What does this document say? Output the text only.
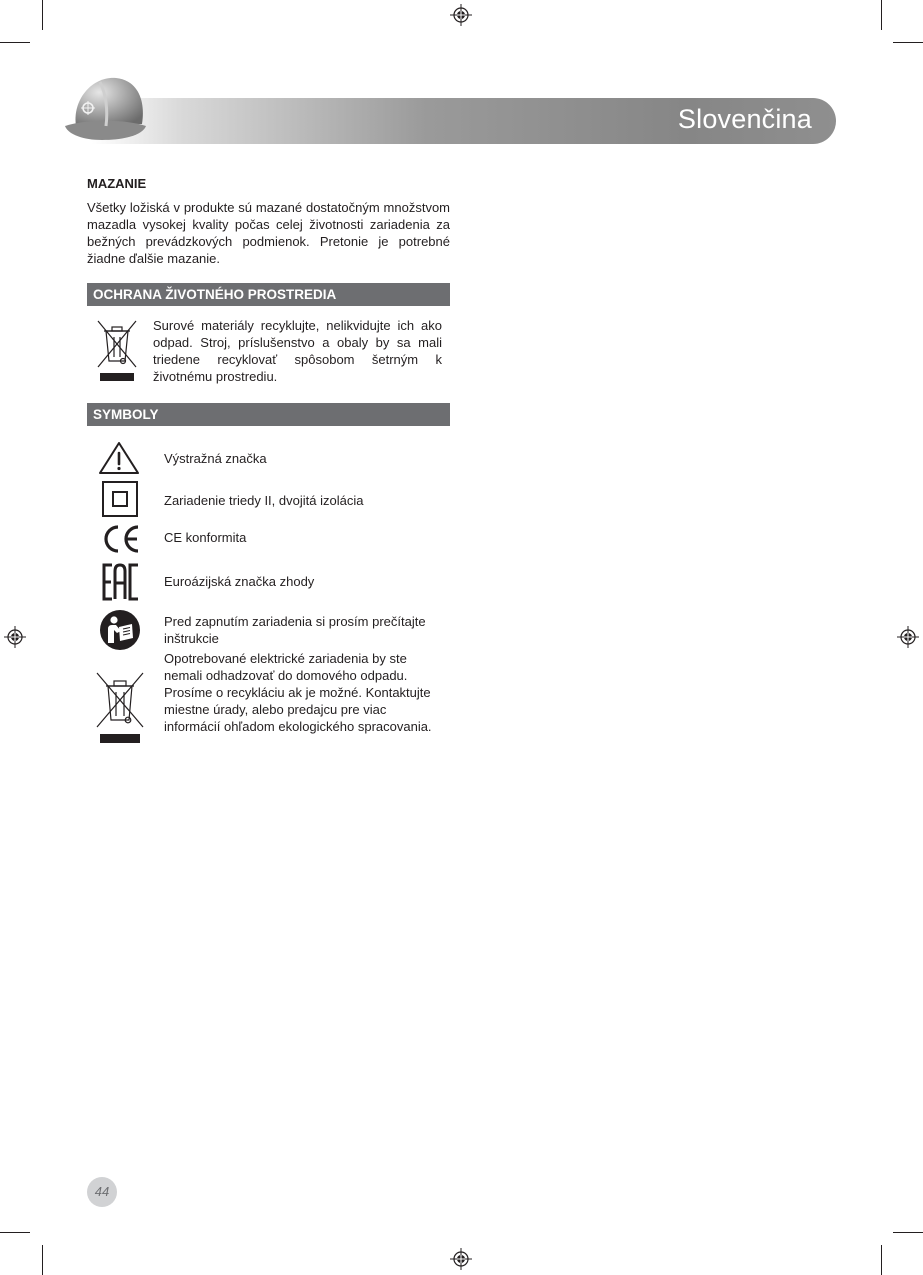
Slovenčina
MAZANIE
Všetky ložiská v produkte sú mazané dostatočným množstvom mazadla vysokej kvality počas celej životnosti zariadenia za bežných prevádzkových podmienok. Pretonie je potrebné žiadne ďalšie mazanie.
OCHRANA ŽIVOTNÉHO PROSTREDIA
Surové materiály recyklujte, nelikvidujte ich ako odpad. Stroj, príslušenstvo a obaly by sa mali triedene recyklovať spôsobom šetrným k životnému prostrediu.
SYMBOLY
Výstražná značka
Zariadenie triedy II, dvojitá izolácia
CE konformita
Euroázijská značka zhody
Pred zapnutím zariadenia si prosím prečítajte inštrukcie
Opotrebované elektrické zariadenia by ste nemali odhadzovať do domového odpadu. Prosíme o recykláciu ak je možné. Kontaktujte miestne úrady, alebo predajcu pre viac informácií ohľadom ekologického spracovania.
44
